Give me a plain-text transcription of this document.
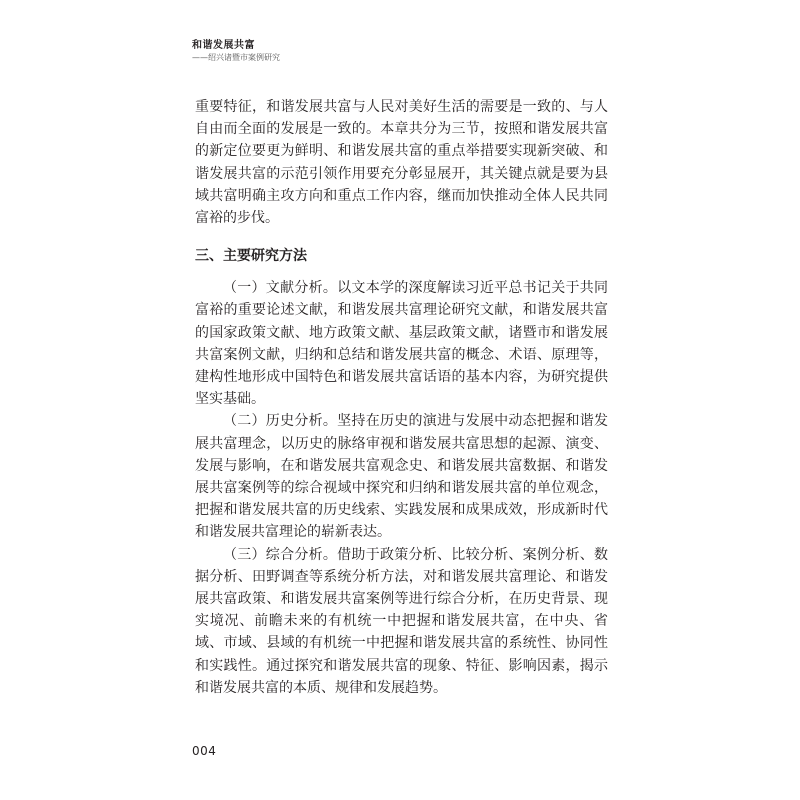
和谐发展共富
——绍兴诸暨市案例研究

重要特征，和谐发展共富与人民对美好生活的需要是一致的、与人自由而全面的发展是一致的。本章共分为三节，按照和谐发展共富的新定位要更为鲜明、和谐发展共富的重点举措要实现新突破、和谐发展共富的示范引领作用要充分彰显展开，其关键点就是要为县域共富明确主攻方向和重点工作内容，继而加快推动全体人民共同富裕的步伐。

三、主要研究方法

（一）文献分析。以文本学的深度解读习近平总书记关于共同富裕的重要论述文献，和谐发展共富理论研究文献，和谐发展共富的国家政策文献、地方政策文献、基层政策文献，诸暨市和谐发展共富案例文献，归纳和总结和谐发展共富的概念、术语、原理等，建构性地形成中国特色和谐发展共富话语的基本内容，为研究提供坚实基础。

（二）历史分析。坚持在历史的演进与发展中动态把握和谐发展共富理念，以历史的脉络审视和谐发展共富思想的起源、演变、发展与影响，在和谐发展共富观念史、和谐发展共富数据、和谐发展共富案例等的综合视域中探究和归纳和谐发展共富的单位观念，把握和谐发展共富的历史线索、实践发展和成果成效，形成新时代和谐发展共富理论的崭新表达。

（三）综合分析。借助于政策分析、比较分析、案例分析、数据分析、田野调查等系统分析方法，对和谐发展共富理论、和谐发展共富政策、和谐发展共富案例等进行综合分析，在历史背景、现实境况、前瞻未来的有机统一中把握和谐发展共富，在中央、省域、市域、县域的有机统一中把握和谐发展共富的系统性、协同性和实践性。通过探究和谐发展共富的现象、特征、影响因素，揭示和谐发展共富的本质、规律和发展趋势。

004
